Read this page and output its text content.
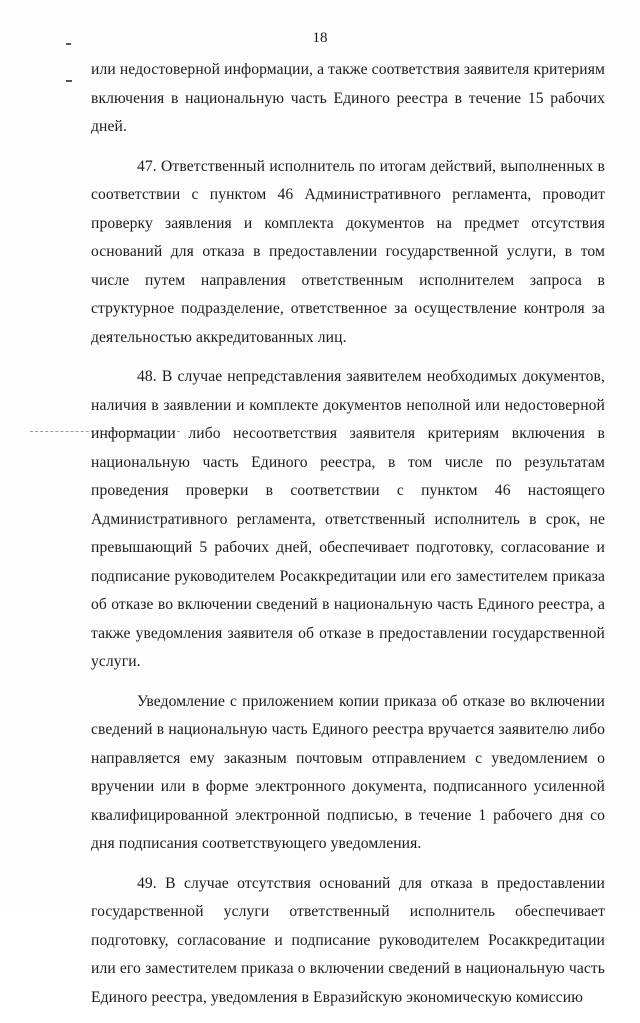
18

или недостоверной информации, а также соответствия заявителя критериям включения в национальную часть Единого реестра в течение 15 рабочих дней.

47. Ответственный исполнитель по итогам действий, выполненных в соответствии с пунктом 46 Административного регламента, проводит проверку заявления и комплекта документов на предмет отсутствия оснований для отказа в предоставлении государственной услуги, в том числе путем направления ответственным исполнителем запроса в структурное подразделение, ответственное за осуществление контроля за деятельностью аккредитованных лиц.

48. В случае непредставления заявителем необходимых документов, наличия в заявлении и комплекте документов неполной или недостоверной информации либо несоответствия заявителя критериям включения в национальную часть Единого реестра, в том числе по результатам проведения проверки в соответствии с пунктом 46 настоящего Административного регламента, ответственный исполнитель в срок, не превышающий 5 рабочих дней, обеспечивает подготовку, согласование и подписание руководителем Росаккредитации или его заместителем приказа об отказе во включении сведений в национальную часть Единого реестра, а также уведомления заявителя об отказе в предоставлении государственной услуги.

Уведомление с приложением копии приказа об отказе во включении сведений в национальную часть Единого реестра вручается заявителю либо направляется ему заказным почтовым отправлением с уведомлением о вручении или в форме электронного документа, подписанного усиленной квалифицированной электронной подписью, в течение 1 рабочего дня со дня подписания соответствующего уведомления.

49. В случае отсутствия оснований для отказа в предоставлении государственной услуги ответственный исполнитель обеспечивает подготовку, согласование и подписание руководителем Росаккредитации или его заместителем приказа о включении сведений в национальную часть Единого реестра, уведомления в Евразийскую экономическую комиссию
